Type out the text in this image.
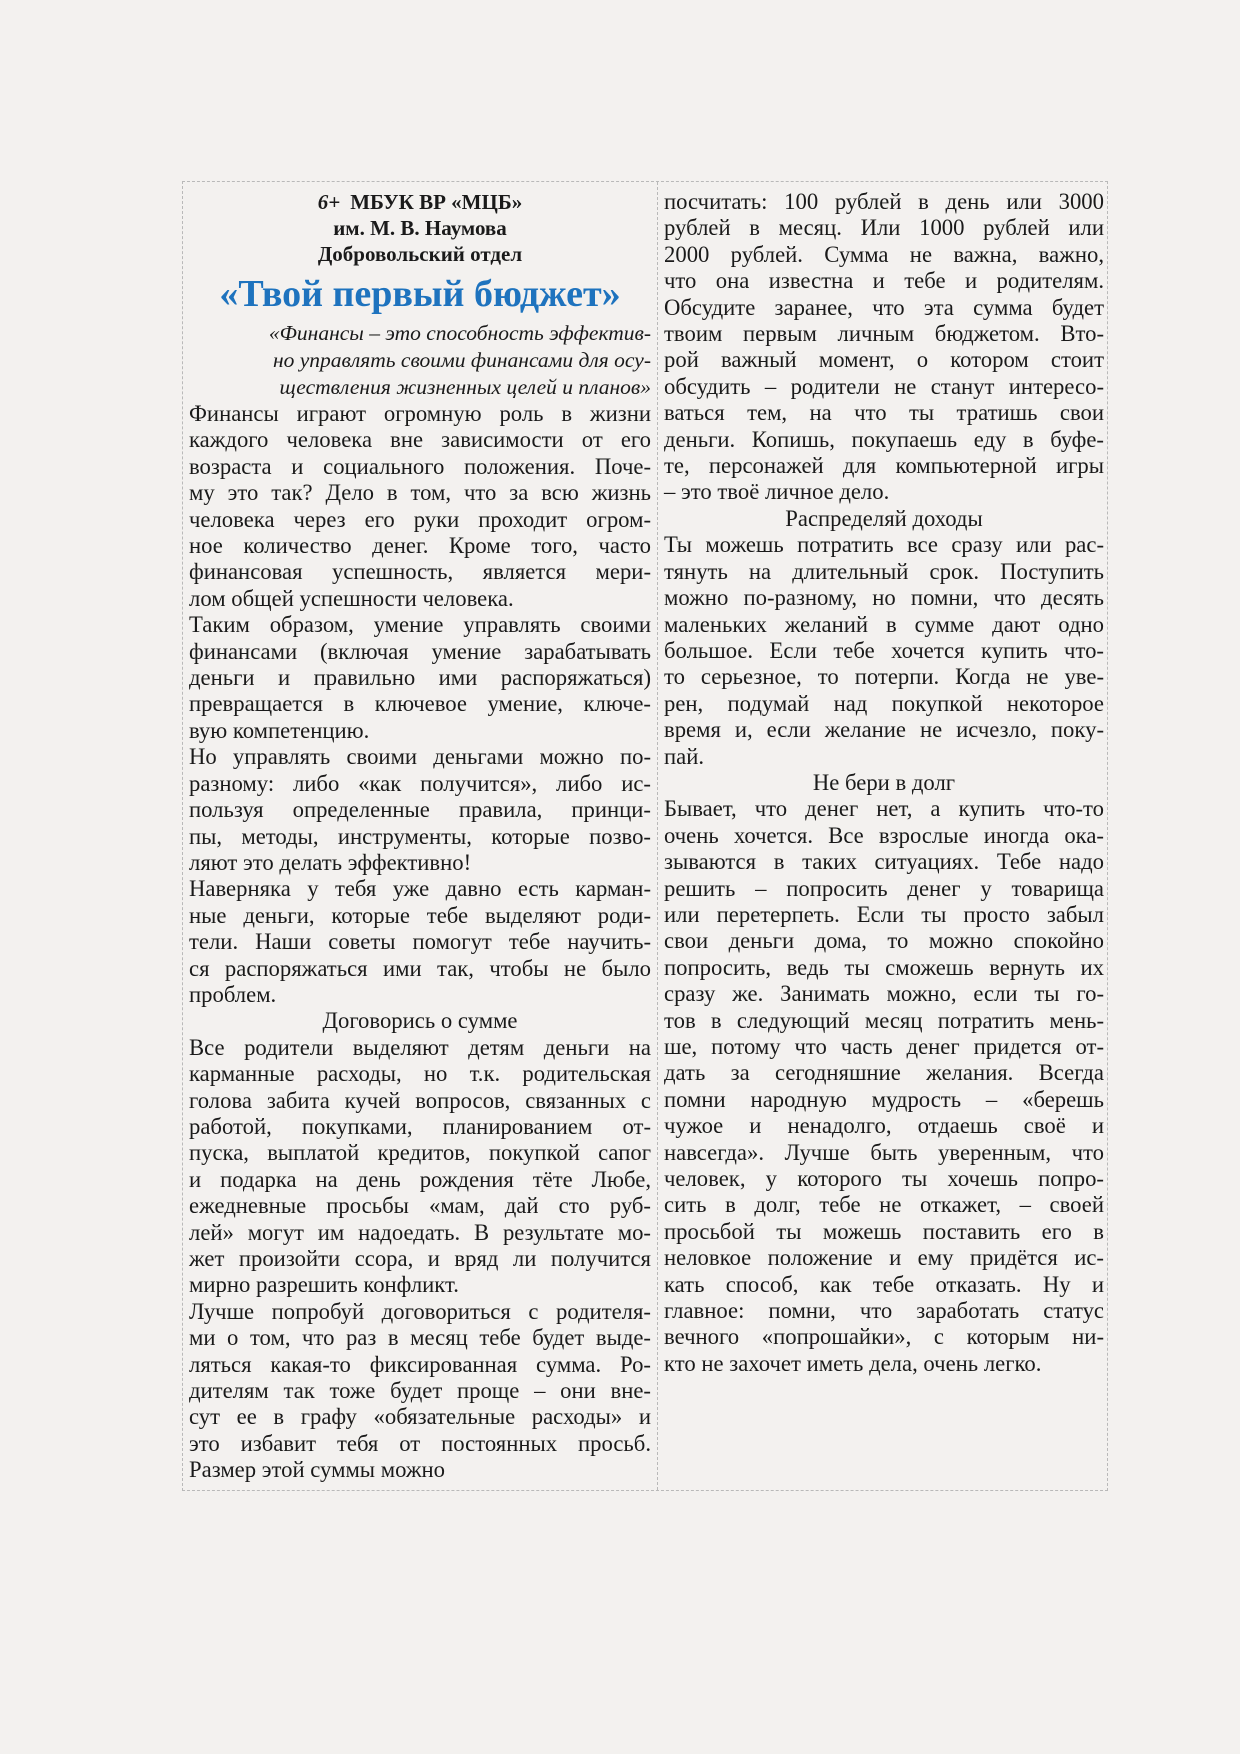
6+ МБУК ВР «МЦБ»
им. М. В. Наумова
Добровольский отдел
«Твой первый бюджет»
«Финансы – это способность эффектив-
но управлять своими финансами для осу-
ществления жизненных целей и планов»
Финансы играют огромную роль в жизни
каждого человека вне зависимости от его
возраста и социального положения. Поче-
му это так? Дело в том, что за всю жизнь
человека через его руки проходит огром-
ное количество денег. Кроме того, часто
финансовая успешность, является мери-
лом общей успешности человека.
Таким образом, умение управлять своими
финансами (включая умение зарабатывать
деньги и правильно ими распоряжаться)
превращается в ключевое умение, ключе-
вую компетенцию.
Но управлять своими деньгами можно по-
разному: либо «как получится», либо ис-
пользуя определенные правила, принци-
пы, методы, инструменты, которые позво-
ляют это делать эффективно!
Наверняка у тебя уже давно есть карман-
ные деньги, которые тебе выделяют роди-
тели. Наши советы помогут тебе научить-
ся распоряжаться ими так, чтобы не было
проблем.
Договорись о сумме
Все родители выделяют детям деньги на
карманные расходы, но т.к. родительская
голова забита кучей вопросов, связанных с
работой, покупками, планированием от-
пуска, выплатой кредитов, покупкой сапог
и подарка на день рождения тёте Любе,
ежедневные просьбы «мам, дай сто руб-
лей» могут им надоедать. В результате мо-
жет произойти ссора, и вряд ли получится
мирно разрешить конфликт.
Лучше попробуй договориться с родителя-
ми о том, что раз в месяц тебе будет выде-
ляться какая-то фиксированная сумма. Ро-
дителям так тоже будет проще – они вне-
сут ее в графу «обязательные расходы» и
это избавит тебя от постоянных просьб.
Размер этой суммы можно
посчитать: 100 рублей в день или 3000
рублей в месяц. Или 1000 рублей или
2000 рублей. Сумма не важна, важно,
что она известна и тебе и родителям.
Обсудите заранее, что эта сумма будет
твоим первым личным бюджетом. Вто-
рой важный момент, о котором стоит
обсудить – родители не станут интересо-
ваться тем, на что ты тратишь свои
деньги. Копишь, покупаешь еду в буфе-
те, персонажей для компьютерной игры
– это твоё личное дело.
Распределяй доходы
Ты можешь потратить все сразу или рас-
тянуть на длительный срок. Поступить
можно по-разному, но помни, что десять
маленьких желаний в сумме дают одно
большое. Если тебе хочется купить что-
то серьезное, то потерпи. Когда не уве-
рен, подумай над покупкой некоторое
время и, если желание не исчезло, поку-
пай.
Не бери в долг
Бывает, что денег нет, а купить что-то
очень хочется. Все взрослые иногда ока-
зываются в таких ситуациях. Тебе надо
решить – попросить денег у товарища
или перетерпеть. Если ты просто забыл
свои деньги дома, то можно спокойно
попросить, ведь ты сможешь вернуть их
сразу же. Занимать можно, если ты го-
тов в следующий месяц потратить мень-
ше, потому что часть денег придется от-
дать за сегодняшние желания. Всегда
помни народную мудрость – «берешь
чужое и ненадолго, отдаешь своё и
навсегда». Лучше быть уверенным, что
человек, у которого ты хочешь попро-
сить в долг, тебе не откажет, – своей
просьбой ты можешь поставить его в
неловкое положение и ему придётся ис-
кать способ, как тебе отказать. Ну и
главное: помни, что заработать статус
вечного «попрошайки», с которым ни-
кто не захочет иметь дела, очень легко.
